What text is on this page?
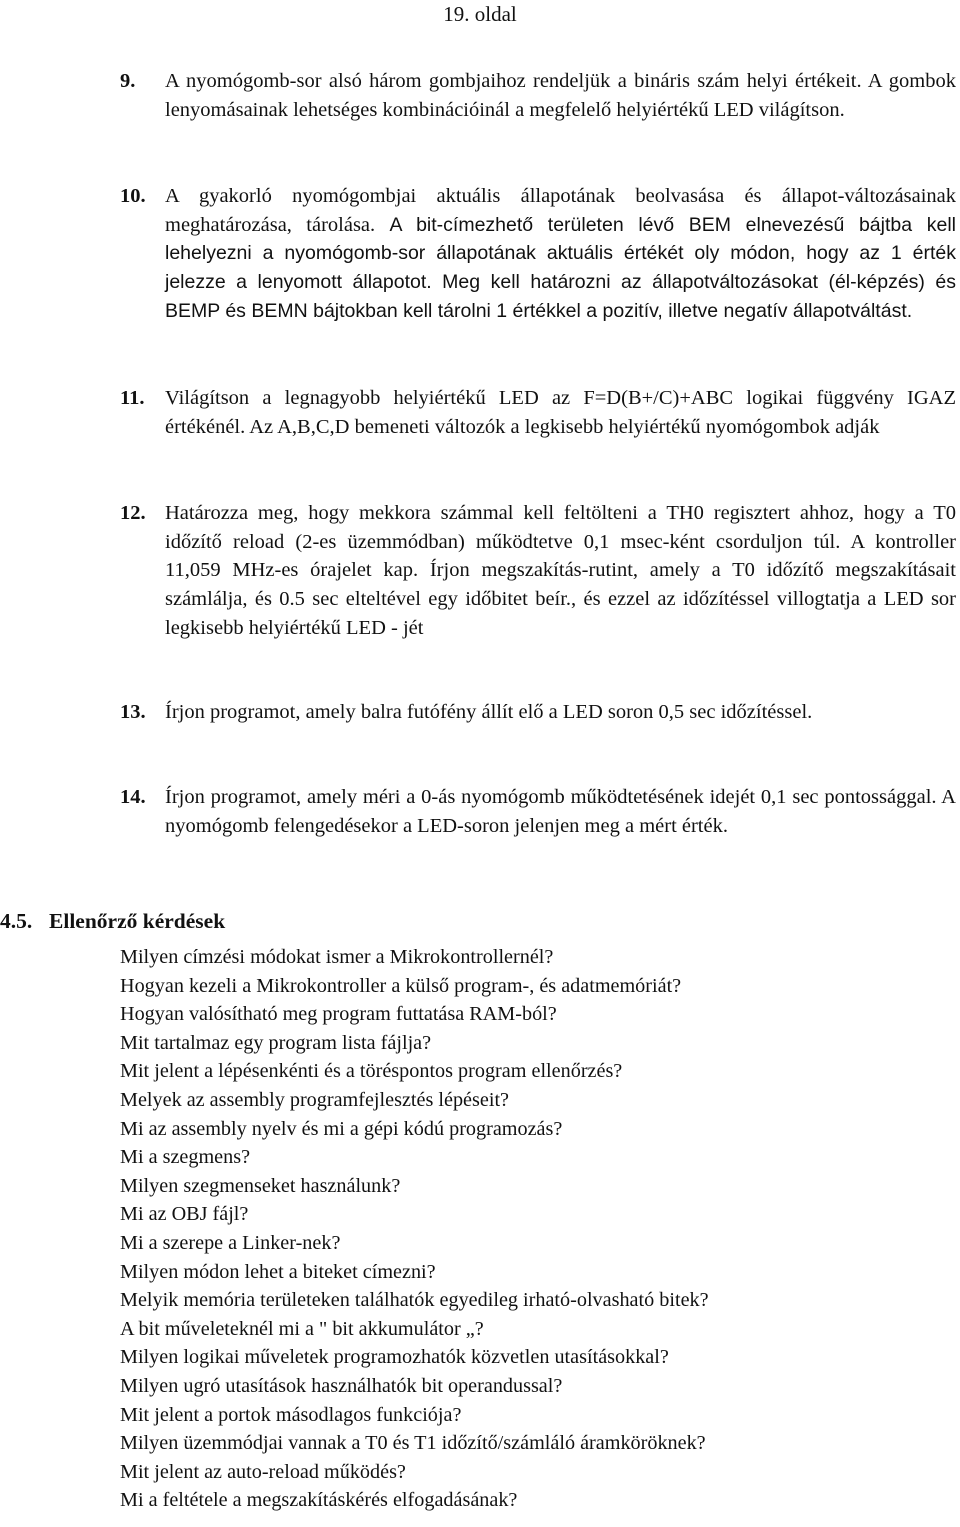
19. oldal
9. A nyomógomb-sor alsó három gombjaihoz rendeljük a bináris szám helyi értékeit. A gombok lenyomásainak lehetséges kombinációinál a megfelelő helyiértékű LED világítson.
10. A gyakorló nyomógombjai aktuális állapotának beolvasása és állapot-változásainak meghatározása, tárolása. A bit-címezhető területen lévő BEM elnevezésű bájtba kell lehelyezni a nyomógomb-sor állapotának aktuális értékét oly módon, hogy az 1 érték jelezze a lenyomott állapotot. Meg kell határozni az állapotváltozásokat (él-képzés) és BEMP és BEMN bájtokban kell tárolni 1 értékkel a pozitív, illetve negatív állapotváltást.
11. Világítson a legnagyobb helyiértékű LED az F=D(B+/C)+ABC logikai függvény IGAZ értékénél. Az A,B,C,D bemeneti változók a legkisebb helyiértékű nyomógombok adják
12. Határozza meg, hogy mekkora számmal kell feltölteni a TH0 regisztert ahhoz, hogy a T0 időzítő reload (2-es üzemmódban) működtetve 0,1 msec-ként csorduljon túl. A kontroller 11,059 MHz-es órajelet kap. Írjon megszakítás-rutint, amely a T0 időzítő megszakításait számlálja, és 0.5 sec elteltével egy időbitet beír., és ezzel az időzítéssel villogtatja a LED sor legkisebb helyiértékű LED - jét
13. Írjon programot, amely balra futófény állít elő a LED soron 0,5 sec időzítéssel.
14. Írjon programot, amely méri a 0-ás nyomógomb működtetésének idejét 0,1 sec pontossággal. A nyomógomb felengedésekor a LED-soron jelenjen meg a mért érték.
4.5. Ellenőrző kérdések
Milyen címzési módokat ismer a Mikrokontrollernél?
Hogyan kezeli a Mikrokontroller a külső program-, és adatmemóriát?
Hogyan valósítható meg program futtatása RAM-ból?
Mit tartalmaz egy program lista fájlja?
Mit jelent a lépésenkénti és a töréspontos program ellenőrzés?
Melyek az assembly programfejlesztés lépéseit?
Mi az assembly nyelv és mi a gépi kódú programozás?
Mi a szegmens?
Milyen szegmenseket használunk?
Mi az OBJ fájl?
Mi a szerepe a Linker-nek?
Milyen módon lehet a biteket címezni?
Melyik memória területeken találhatók egyedileg irható-olvasható bitek?
A bit műveleteknél mi a " bit akkumulátor „?
Milyen logikai műveletek programozhatók közvetlen utasításokkal?
Milyen ugró utasítások használhatók bit operandussal?
Mit jelent a portok másodlagos funkciója?
Milyen üzemmódjai vannak a T0 és T1 időzítő/számláló áramköröknek?
Mit jelent az auto-reload működés?
Mi a feltétele a megszakításkérés elfogadásának?
